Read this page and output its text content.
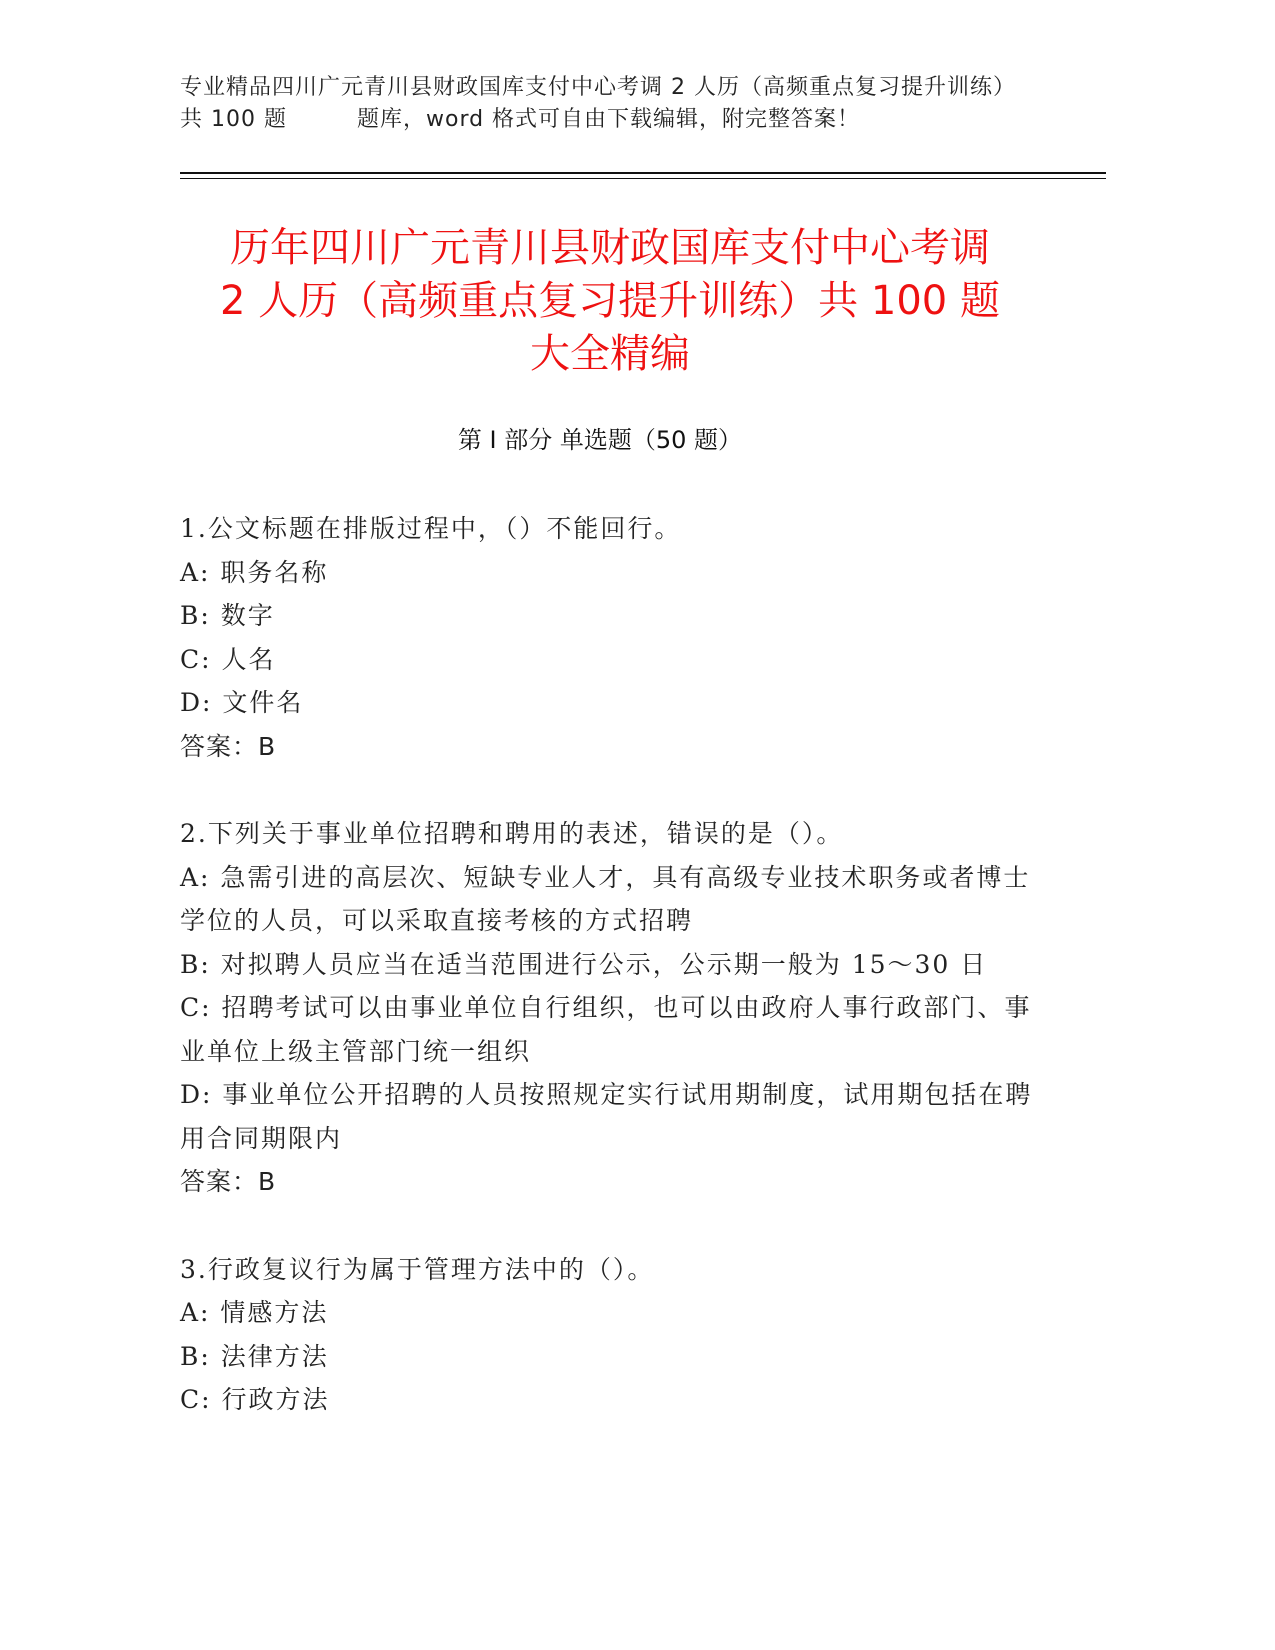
专业精品四川广元青川县财政国库支付中心考调 2 人历（高频重点复习提升训练）
共 100 题	题库，word 格式可自由下载编辑，附完整答案！
历年四川广元青川县财政国库支付中心考调
2 人历（高频重点复习提升训练）共 100 题
大全精编
第 I 部分 单选题（50 题）
1.公文标题在排版过程中，（）不能回行。
A: 职务名称
B: 数字
C: 人名
D: 文件名
答案：B
2.下列关于事业单位招聘和聘用的表述，错误的是（）。
A: 急需引进的高层次、短缺专业人才，具有高级专业技术职务或者博士学位的人员，可以采取直接考核的方式招聘
B: 对拟聘人员应当在适当范围进行公示，公示期一般为 15～30 日
C: 招聘考试可以由事业单位自行组织，也可以由政府人事行政部门、事业单位上级主管部门统一组织
D: 事业单位公开招聘的人员按照规定实行试用期制度，试用期包括在聘用合同期限内
答案：B
3.行政复议行为属于管理方法中的（）。
A: 情感方法
B: 法律方法
C: 行政方法
